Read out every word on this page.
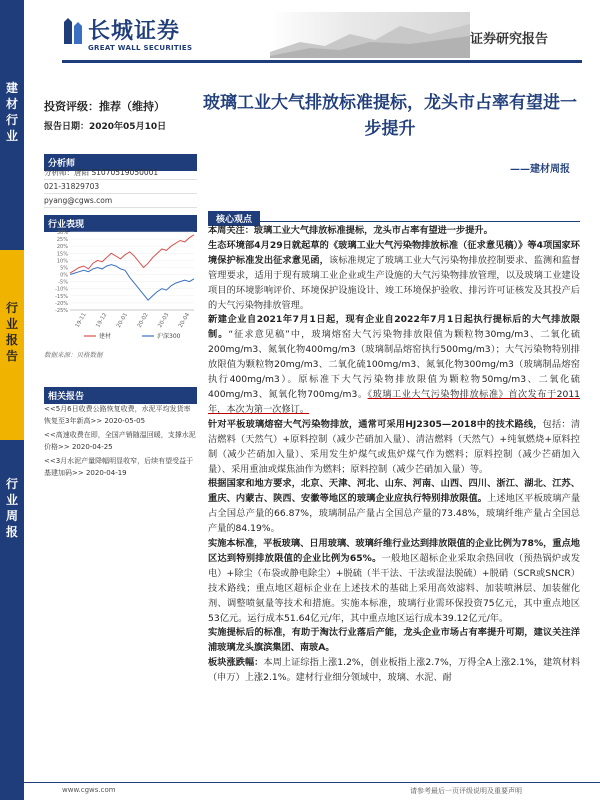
建材行业
行业报告
行业周报
长城证券
GREAT WALL SECURITIES
证券研究报告
投资评级：推荐（维持）
报告日期：2020年05月10日
分析师
分析师：唐阳 S1070519050001
021-31829703
pyang@cgws.com
行业表现
30%
25%
20%
15%
10%
5%
0%
-5%
-10%
-15%
-20%
-25%
19-11 19-12 20-01 20-02 20-03 20-04
建材	沪深300
数据来源：贝格数据
相关报告
<<5月6日收费公路恢复收费，水泥平均发货率恢复至3年新高>> 2020-05-05
<<高速收费在即，全国产销随温回暖，支撑水泥价格>> 2020-04-25
<<3月水泥产量降幅明显收窄，后续有望受益于基建加码>> 2020-04-19
玻璃工业大气排放标准提标，龙头市占率有望进一步提升
——建材周报
核心观点

本周关注：玻璃工业大气排放标准提标，龙头市占率有望进一步提升。

生态环境部4月29日就起草的《玻璃工业大气污染物排放标准（征求意见稿）》等4项国家环境保护标准发出征求意见函，该标准规定了玻璃工业大气污染物排放控制要求、监测和监督管理要求，适用于现有玻璃工业企业或生产设施的大气污染物排放管理，以及玻璃工业建设项目的环境影响评价、环境保护设施设计、竣工环境保护验收、排污许可证核发及其投产后的大气污染物排放管理。

新建企业自2021年7月1日起，现有企业自2022年7月1日起执行提标后的大气排放限制。“征求意见稿”中，玻璃熔窑大气污染物排放限值为颗粒物30mg/m3、二氧化硫200mg/m3、氮氧化物400mg/m3（玻璃制品熔窑执行500mg/m3）；大气污染物特别排放限值为颗粒物20mg/m3、二氧化硫100mg/m3、氮氧化物300mg/m3（玻璃制品熔窑执行400mg/m3）。原标准下大气污染物排放限值为颗粒物50mg/m3、二氧化硫400mg/m3、氮氧化物700mg/m3。《玻璃工业大气污染物排放标准》首次发布于2011年，本次为第一次修订。

针对平板玻璃熔窑大气污染物排放，通常可采用HJ2305—2018中的技术路线，包括：清洁燃料（天然气）+原料控制（减少芒硝加入量）、清洁燃料（天然气）+纯氧燃烧+原料控制（减少芒硝加入量）、采用发生炉煤气或焦炉煤气作为燃料；原料控制（减少芒硝加入量）、采用重油或煤焦油作为燃料；原料控制（减少芒硝加入量）等。

根据国家和地方要求，北京、天津、河北、山东、河南、山西、四川、浙江、湖北、江苏、重庆、内蒙古、陕西、安徽等地区的玻璃企业应执行特别排放限值。上述地区平板玻璃产量占全国总产量的66.87%，玻璃制品产量占全国总产量的73.48%，玻璃纤维产量占全国总产量的84.19%。

实施本标准，平板玻璃、日用玻璃、玻璃纤维行业达到排放限值的企业比例为78%，重点地区达到特别排放限值的企业比例为65%。一般地区超标企业采取余热回收（预热锅炉或发电）+除尘（布袋或静电除尘）+脱硫（半干法、干法或湿法脱硫）+脱硝（SCR或SNCR）技术路线；重点地区超标企业在上述技术的基础上采用高效滤料、加装喷淋层、加装催化剂、调整喷氨量等技术和措施。实施本标准，玻璃行业需环保投资75亿元，其中重点地区53亿元。运行成本51.64亿元/年，其中重点地区运行成本39.12亿元/年。

实施提标后的标准，有助于淘汰行业落后产能，龙头企业市场占有率提升可期，建议关注洋浦玻璃龙头旗滨集团、南玻A。

板块涨跌幅：本周上证综指上涨1.2%，创业板指上涨2.7%，万得全A上涨2.1%，建筑材料（申万）上涨2.1%。建材行业细分领域中，玻璃、水泥、耐

www.cgws.com	请参考最后一页评级说明及重要声明
